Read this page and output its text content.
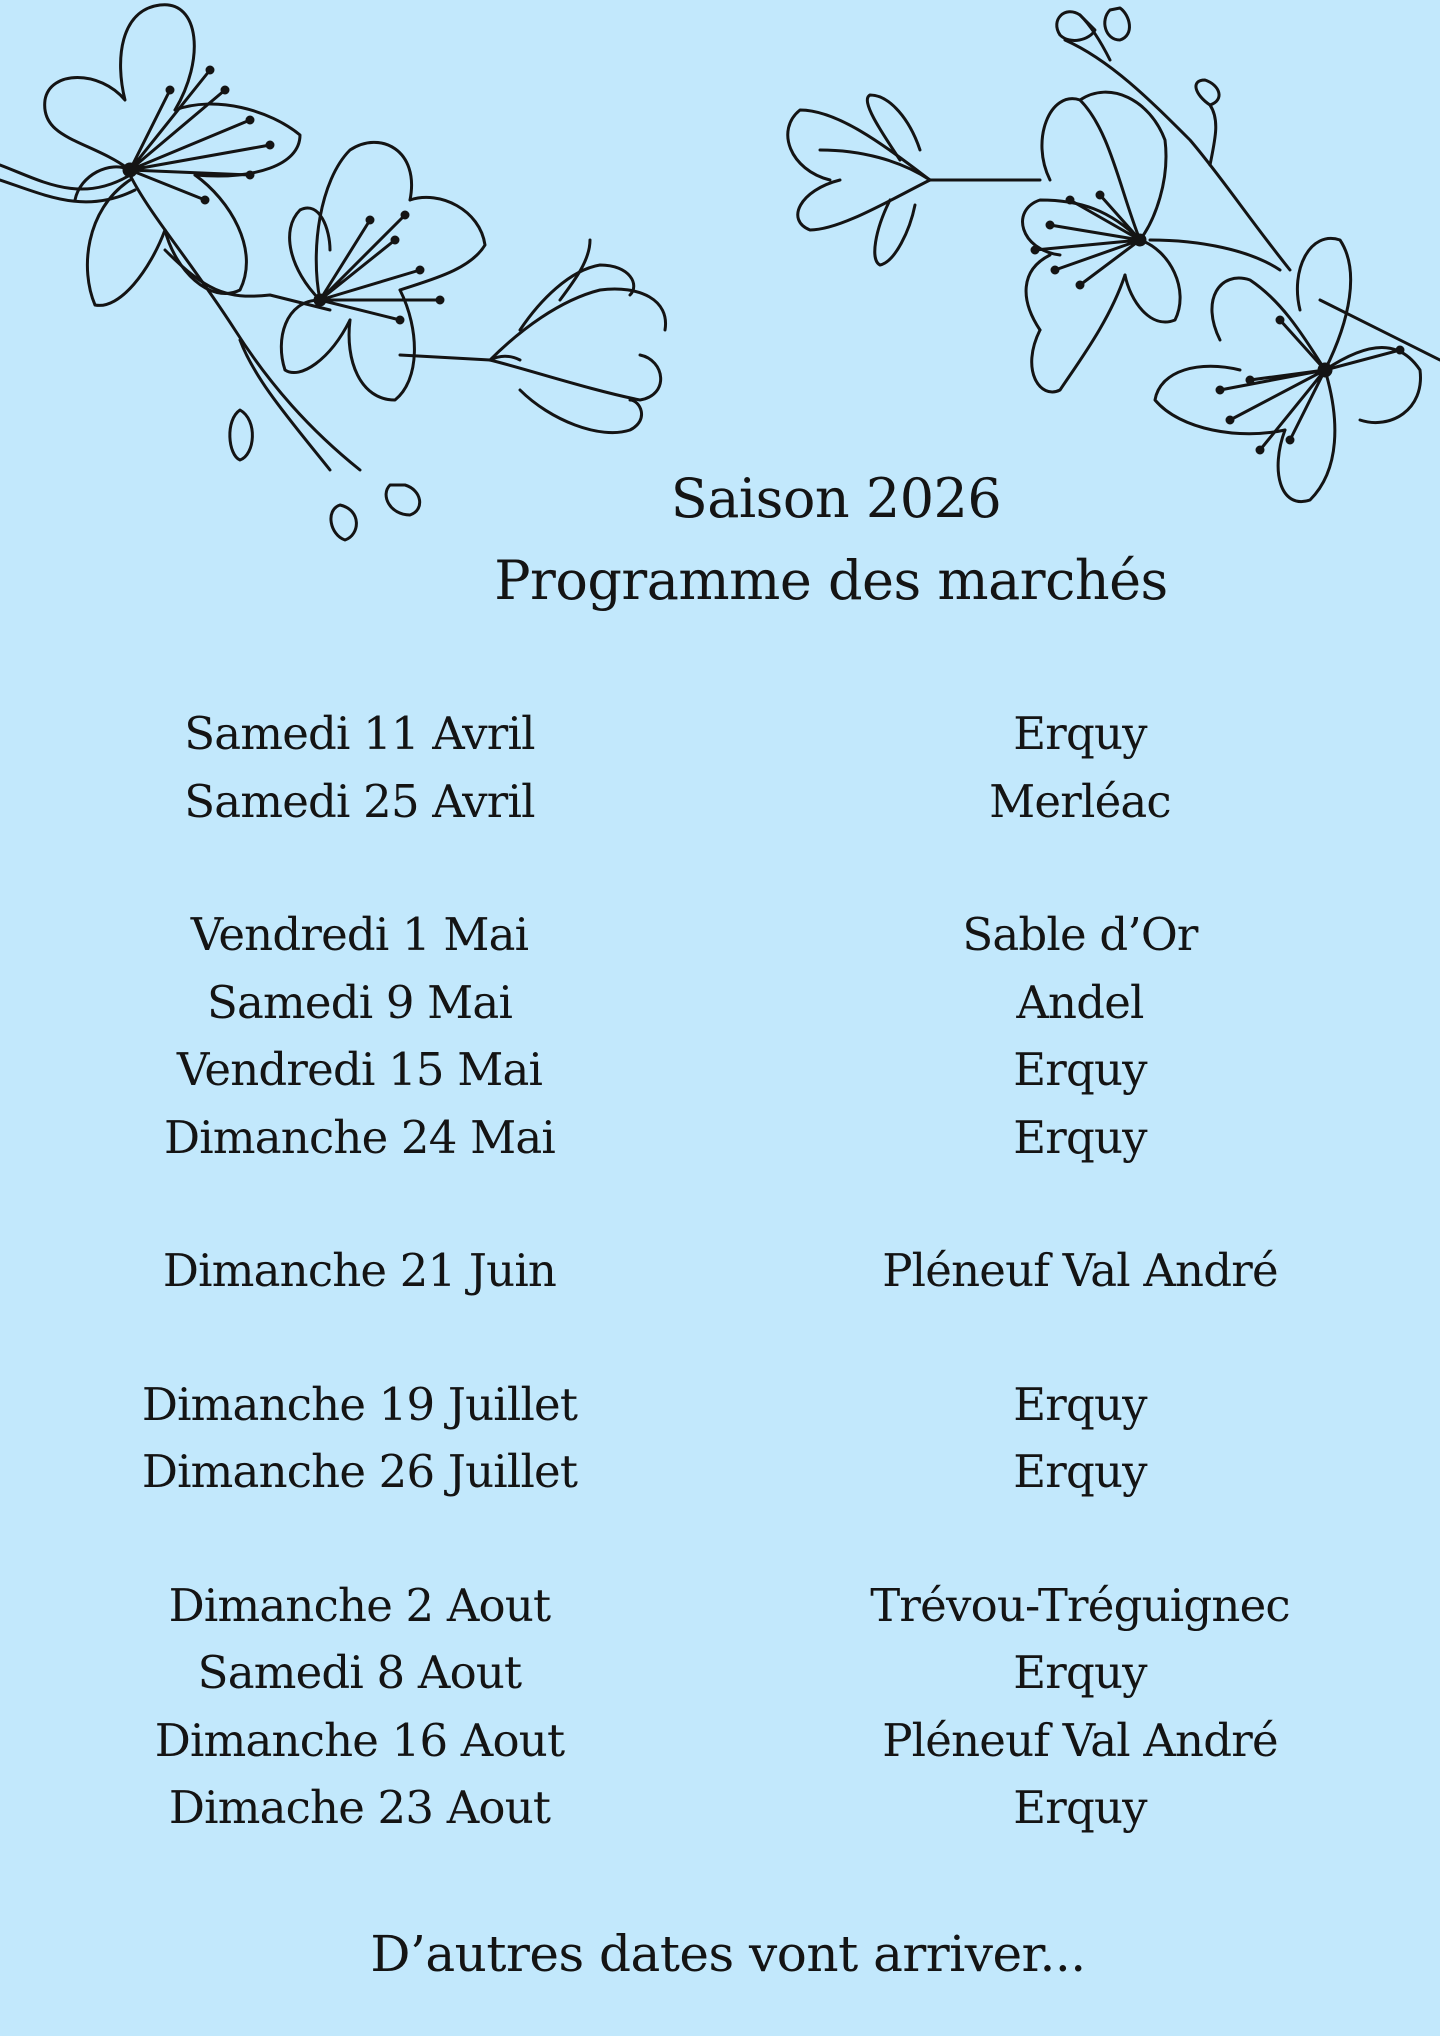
Saison 2026
Programme des marchés
Samedi 11 Avril	Erquy
Samedi 25 Avril	Merléac
Vendredi 1 Mai	Sable d’Or
Samedi 9 Mai	Andel
Vendredi 15 Mai	Erquy
Dimanche 24 Mai	Erquy
Dimanche 21 Juin	Pléneuf Val André
Dimanche 19 Juillet	Erquy
Dimanche 26 Juillet	Erquy
Dimanche 2 Aout	Trévou-Tréguignec
Samedi 8 Aout	Erquy
Dimanche 16 Aout	Pléneuf Val André
Dimache 23 Aout	Erquy
D’autres dates vont arriver...
